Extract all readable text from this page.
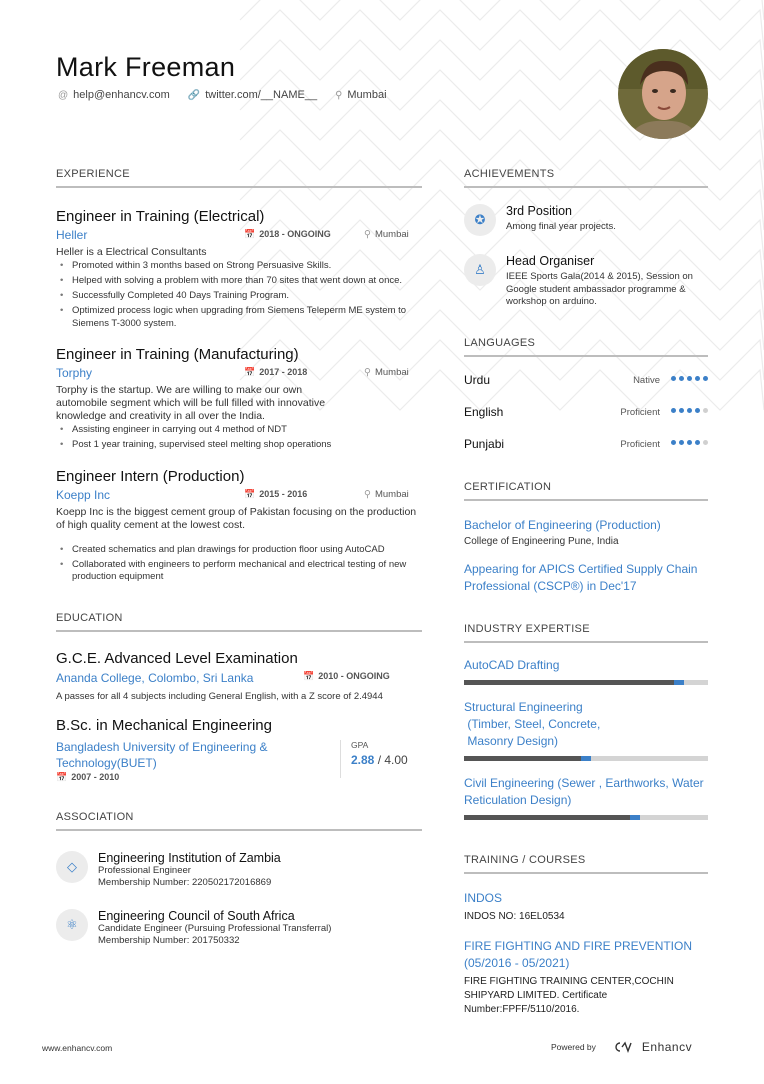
Mark Freeman
@ help@enhancv.com 🔗 twitter.com/__NAME__ ⚲ Mumbai
EXPERIENCE
Engineer in Training (Electrical)
Heller	📅 2018 - ONGOING	⚲ Mumbai
Heller is a Electrical Consultants
• Promoted within 3 months based on Strong Persuasive Skills.
• Helped with solving a problem with more than 70 sites that went down at once.
• Successfully Completed 40 Days Training Program.
• Optimized process logic when upgrading from Siemens Teleperm ME system to Siemens T-3000 system.
Engineer in Training (Manufacturing)
Torphy	📅 2017 - 2018	⚲ Mumbai
Torphy is the startup. We are willing to make our own automobile segment which will be full filled with innovative knowledge and creativity in all over the India.
• Assisting engineer in carrying out 4 method of NDT
• Post 1 year training, supervised steel melting shop operations
Engineer Intern (Production)
Koepp Inc	📅 2015 - 2016	⚲ Mumbai
Koepp Inc is the biggest cement group of Pakistan focusing on the production of high quality cement at the lowest cost.
• Created schematics and plan drawings for production floor using AutoCAD
• Collaborated with engineers to perform mechanical and electrical testing of new production equipment
EDUCATION
G.C.E. Advanced Level Examination
Ananda College, Colombo, Sri Lanka	📅 2010 - ONGOING
A passes for all 4 subjects including General English, with a Z score of 2.4944
B.Sc. in Mechanical Engineering
Bangladesh University of Engineering & Technology(BUET)
📅 2007 - 2010
GPA
2.88 / 4.00
ASSOCIATION
◇
Engineering Institution of Zambia
Professional Engineer
Membership Number: 220502172016869
⚛
Engineering Council of South Africa
Candidate Engineer (Pursuing Professional Transferral)
Membership Number: 201750332
ACHIEVEMENTS
✪
3rd Position
Among final year projects.
♙
Head Organiser
IEEE Sports Gala(2014 & 2015), Session on Google student ambassador programme & workshop on arduino.
LANGUAGES
Urdu	Native
English	Proficient
Punjabi	Proficient
CERTIFICATION
Bachelor of Engineering (Production)
College of Engineering Pune, India
Appearing for APICS Certified Supply Chain Professional (CSCP®) in Dec'17
INDUSTRY EXPERTISE
AutoCAD Drafting
Structural Engineering
(Timber, Steel, Concrete,
Masonry Design)
Civil Engineering (Sewer , Earthworks, Water Reticulation Design)
TRAINING / COURSES
INDOS
INDOS NO: 16EL0534
FIRE FIGHTING AND FIRE PREVENTION (05/2016 - 05/2021)
FIRE FIGHTING TRAINING CENTER,COCHIN SHIPYARD LIMITED. Certificate Number:FPFF/5110/2016.
www.enhancv.com	Powered by	Enhancv
